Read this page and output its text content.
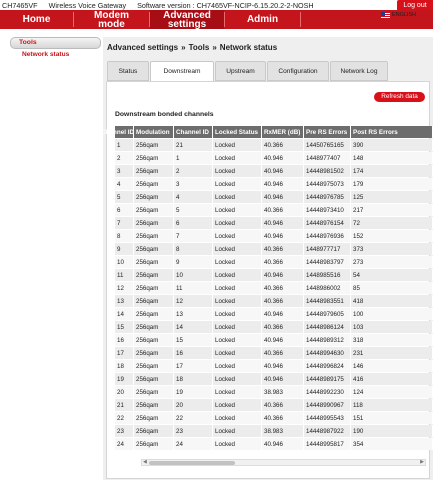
CH7465VF Wireless Voice Gateway Software version : CH7465VF-NCIP-6.15.20.2-2-NOSH	Log out
Home	Modem
mode
Advanced
settings	Admin	ENGLISH
Tools
Network status
Advanced settings » Tools » Network status
Status	Downstream	Upstream	Configuration	Network Log
Refresh data
Downstream bonded channels
Channel ID	Modulation	Channel ID	Locked Status	RxMER (dB)	Pre RS Errors	Post RS Errors
1	256qam	21	Locked	40.366	14450765165	390
2	256qam	1	Locked	40.946	1448977407	148
3	256qam	2	Locked	40.946	14448981502	174
4	256qam	3	Locked	40.946	14448975073	179
5	256qam	4	Locked	40.946	14448976785	125
6	256qam	5	Locked	40.366	14448973410	217
7	256qam	6	Locked	40.946	14448976154	72
8	256qam	7	Locked	40.946	14448976936	152
9	256qam	8	Locked	40.366	1448977717	373
10	256qam	9	Locked	40.366	14448983797	273
11	256qam	10	Locked	40.946	1448985516	54
12	256qam	11	Locked	40.366	1448986002	85
13	256qam	12	Locked	40.366	14448983551	418
14	256qam	13	Locked	40.946	14448979605	100
15	256qam	14	Locked	40.366	14448986124	103
16	256qam	15	Locked	40.946	14448989312	318
17	256qam	16	Locked	40.366	14448994630	231
18	256qam	17	Locked	40.946	14448996824	146
19	256qam	18	Locked	40.946	14448989175	416
20	256qam	19	Locked	38.983	14448992230	124
21	256qam	20	Locked	40.366	14448990967	118
22	256qam	22	Locked	40.366	14448995543	151
23	256qam	23	Locked	38.983	14448987922	190
24	256qam	24	Locked	40.946	14448995817	354
◀	▶
